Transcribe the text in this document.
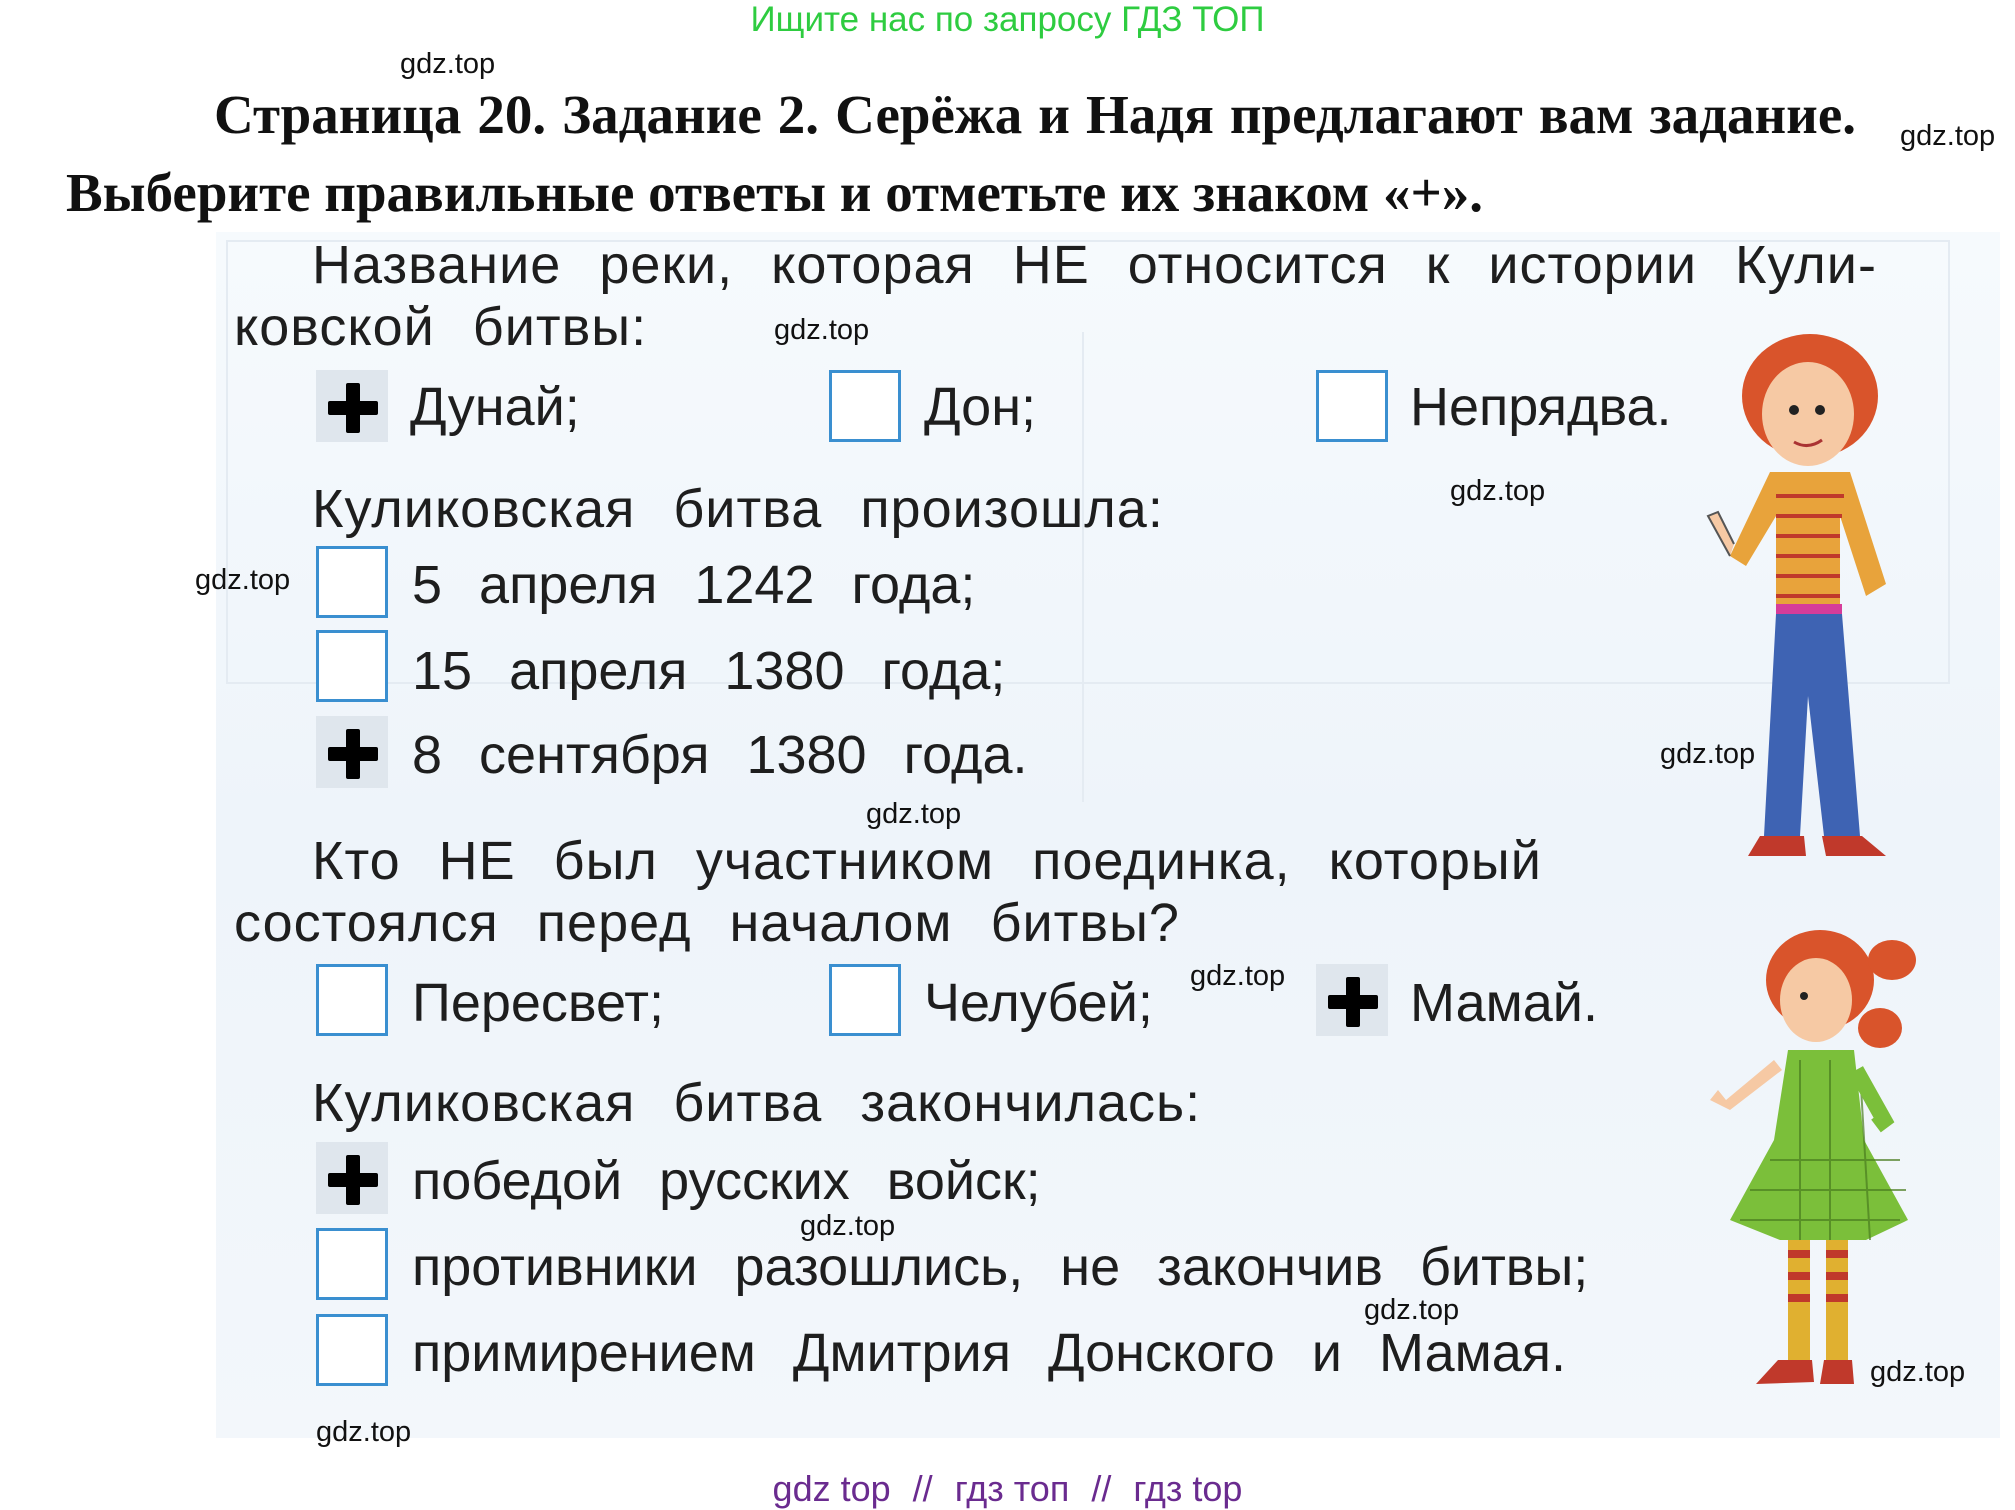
Ищите нас по запросу ГДЗ ТОП
Страница 20. Задание 2. Серёжа и Надя предлагают вам задание. Выберите правильные ответы и отметьте их знаком «+».
Название реки, которая НЕ относится к истории Кули-
ковской битвы:
Дунай;	Дон;	Непрядва.
Куликовская битва произошла:
5 апреля 1242 года;
15 апреля 1380 года;
8 сентября 1380 года.
Кто НЕ был участником поединка, который
состоялся перед началом битвы?
Пересвет;	Челубей;	Мамай.
Куликовская битва закончилась:
победой русских войск;
противники разошлись, не закончив битвы;
примирением Дмитрия Донского и Мамая.
gdz.top
gdz.top
gdz.top
gdz.top
gdz.top
gdz.top
gdz.top
gdz.top
gdz.top
gdz.top
gdz.top
gdz.top
gdz top // гдз топ // гдз top
